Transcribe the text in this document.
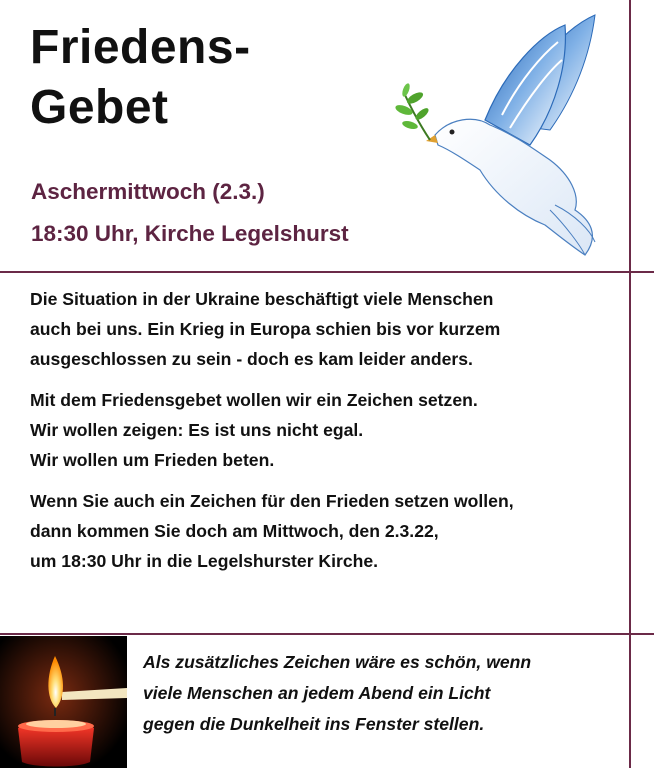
Friedens-
Gebet
Aschermittwoch (2.3.)
18:30 Uhr, Kirche Legelshurst

Die Situation in der Ukraine beschäftigt viele Menschen
auch bei uns. Ein Krieg in Europa schien bis vor kurzem
ausgeschlossen zu sein - doch es kam leider anders.

Mit dem Friedensgebet wollen wir ein Zeichen setzen.
Wir wollen zeigen: Es ist uns nicht egal.
Wir wollen um Frieden beten.

Wenn Sie auch ein Zeichen für den Frieden setzen wollen,
dann kommen Sie doch am Mittwoch, den 2.3.22,
um 18:30 Uhr in die Legelshurster Kirche.

Als zusätzliches Zeichen wäre es schön, wenn
viele Menschen an jedem Abend ein Licht
gegen die Dunkelheit ins Fenster stellen.
